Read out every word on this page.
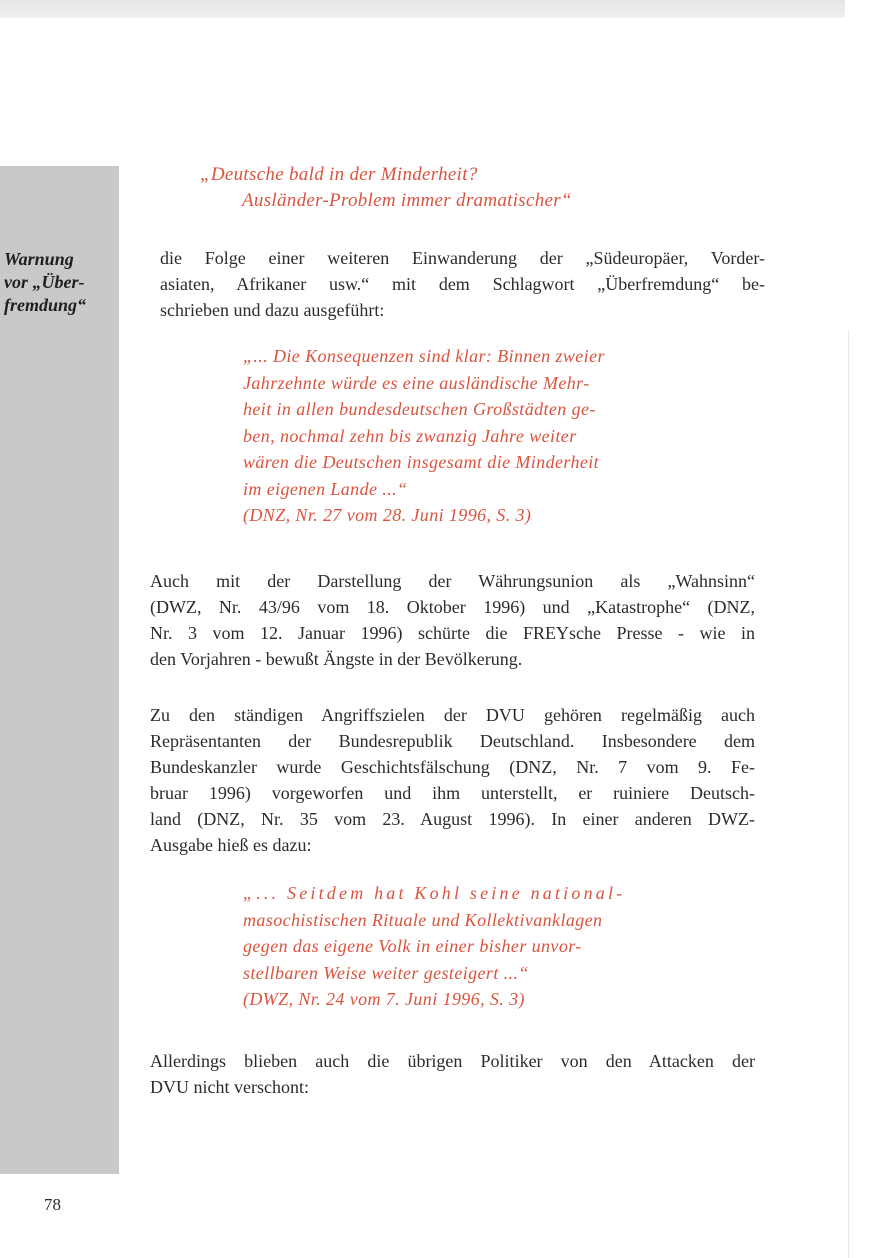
Warnung
vor „Über-
fremdung“
„Deutsche bald in der Minderheit?
Ausländer-Problem immer dramatischer“
die Folge einer weiteren Einwanderung der „Südeuropäer, Vorder-
asiaten, Afrikaner usw.“ mit dem Schlagwort „Überfremdung“ be-
schrieben und dazu ausgeführt:
„... Die Konsequenzen sind klar: Binnen zweier
Jahrzehnte würde es eine ausländische Mehr-
heit in allen bundesdeutschen Großstädten ge-
ben, nochmal zehn bis zwanzig Jahre weiter
wären die Deutschen insgesamt die Minderheit
im eigenen Lande ...“
(DNZ, Nr. 27 vom 28. Juni 1996, S. 3)
Auch mit der Darstellung der Währungsunion als „Wahnsinn“
(DWZ, Nr. 43/96 vom 18. Oktober 1996) und „Katastrophe“ (DNZ,
Nr. 3 vom 12. Januar 1996) schürte die FREYsche Presse - wie in
den Vorjahren - bewußt Ängste in der Bevölkerung.
Zu den ständigen Angriffszielen der DVU gehören regelmäßig auch
Repräsentanten der Bundesrepublik Deutschland. Insbesondere dem
Bundeskanzler wurde Geschichtsfälschung (DNZ, Nr. 7 vom 9. Fe-
bruar 1996) vorgeworfen und ihm unterstellt, er ruiniere Deutsch-
land (DNZ, Nr. 35 vom 23. August 1996). In einer anderen DWZ-
Ausgabe hieß es dazu:
„... Seitdem hat Kohl seine national-
masochistischen Rituale und Kollektivanklagen
gegen das eigene Volk in einer bisher unvor-
stellbaren Weise weiter gesteigert ...“
(DWZ, Nr. 24 vom 7. Juni 1996, S. 3)
Allerdings blieben auch die übrigen Politiker von den Attacken der
DVU nicht verschont:
78
